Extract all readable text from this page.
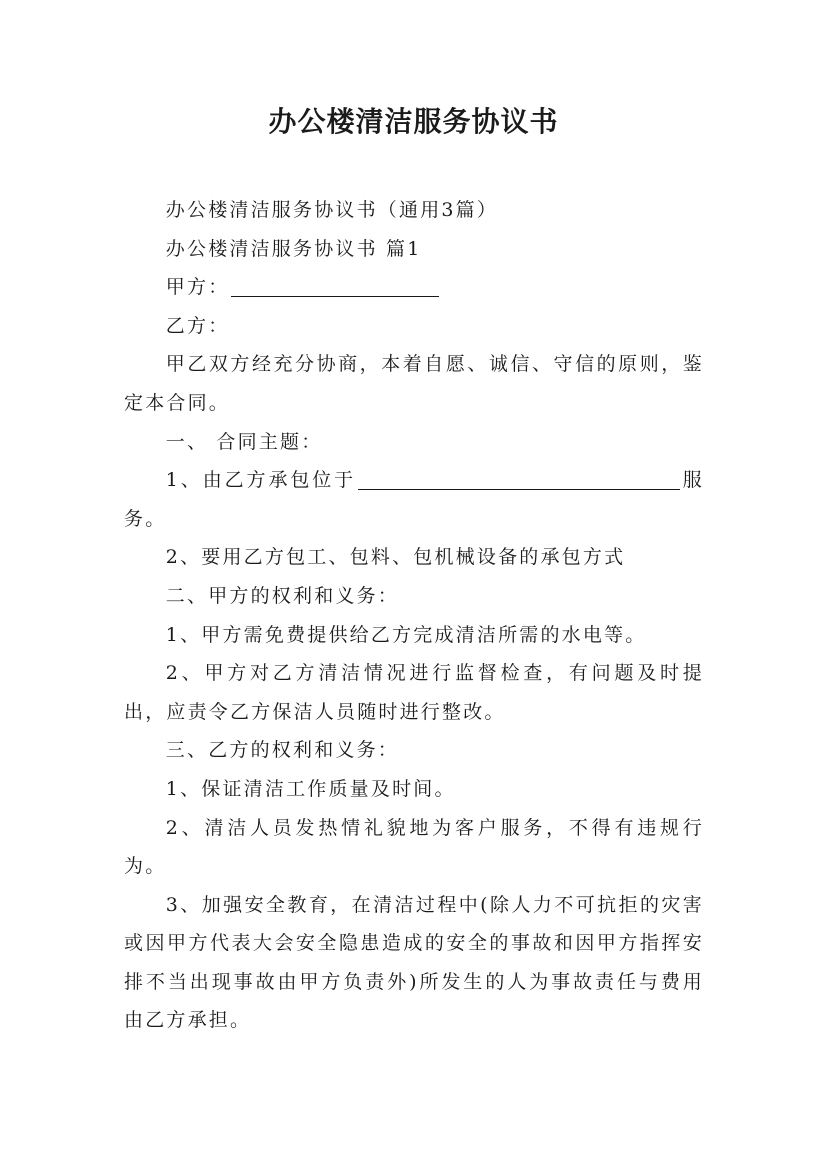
办公楼清洁服务协议书

办公楼清洁服务协议书（通用3篇）

办公楼清洁服务协议书 篇1

甲方：

乙方：

甲乙双方经充分协商，本着自愿、诚信、守信的原则，鉴定本合同。

一、 合同主题：

1、由乙方承包位于	服务。

2、要用乙方包工、包料、包机械设备的承包方式

二、甲方的权利和义务：

1、甲方需免费提供给乙方完成清洁所需的水电等。

2、甲方对乙方清洁情况进行监督检查，有问题及时提出，应责令乙方保洁人员随时进行整改。

三、乙方的权利和义务：

1、保证清洁工作质量及时间。

2、清洁人员发热情礼貌地为客户服务，不得有违规行为。

3、加强安全教育，在清洁过程中(除人力不可抗拒的灾害或因甲方代表大会安全隐患造成的安全的事故和因甲方指挥安排不当出现事故由甲方负责外)所发生的人为事故责任与费用由乙方承担。
